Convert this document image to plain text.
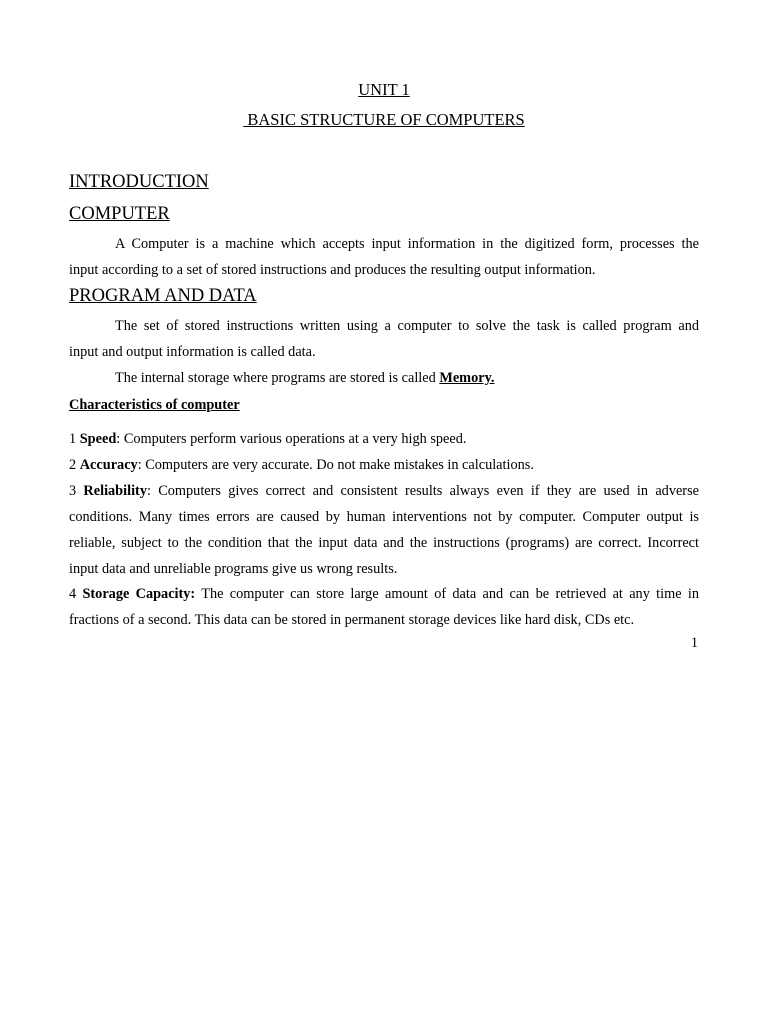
UNIT 1
BASIC STRUCTURE OF COMPUTERS
INTRODUCTION
COMPUTER
A Computer is a machine which accepts input information in the digitized form, processes the
input according to a set of stored instructions and produces the resulting output information.
PROGRAM AND DATA
The set of stored instructions written using a computer to solve the task is called program and
input and output information is called data.
The internal storage where programs are stored is called Memory.
Characteristics of computer
1 Speed: Computers perform various operations at a very high speed.
2 Accuracy: Computers are very accurate. Do not make mistakes in calculations.
3 Reliability: Computers gives correct and consistent results always even if they are used in adverse
conditions. Many times errors are caused by human interventions not by computer. Computer output is
reliable, subject to the condition that the input data and the instructions (programs) are correct. Incorrect
input data and unreliable programs give us wrong results.
4 Storage Capacity: The computer can store large amount of data and can be retrieved at any time in
fractions of a second. This data can be stored in permanent storage devices like hard disk, CDs etc.
1
